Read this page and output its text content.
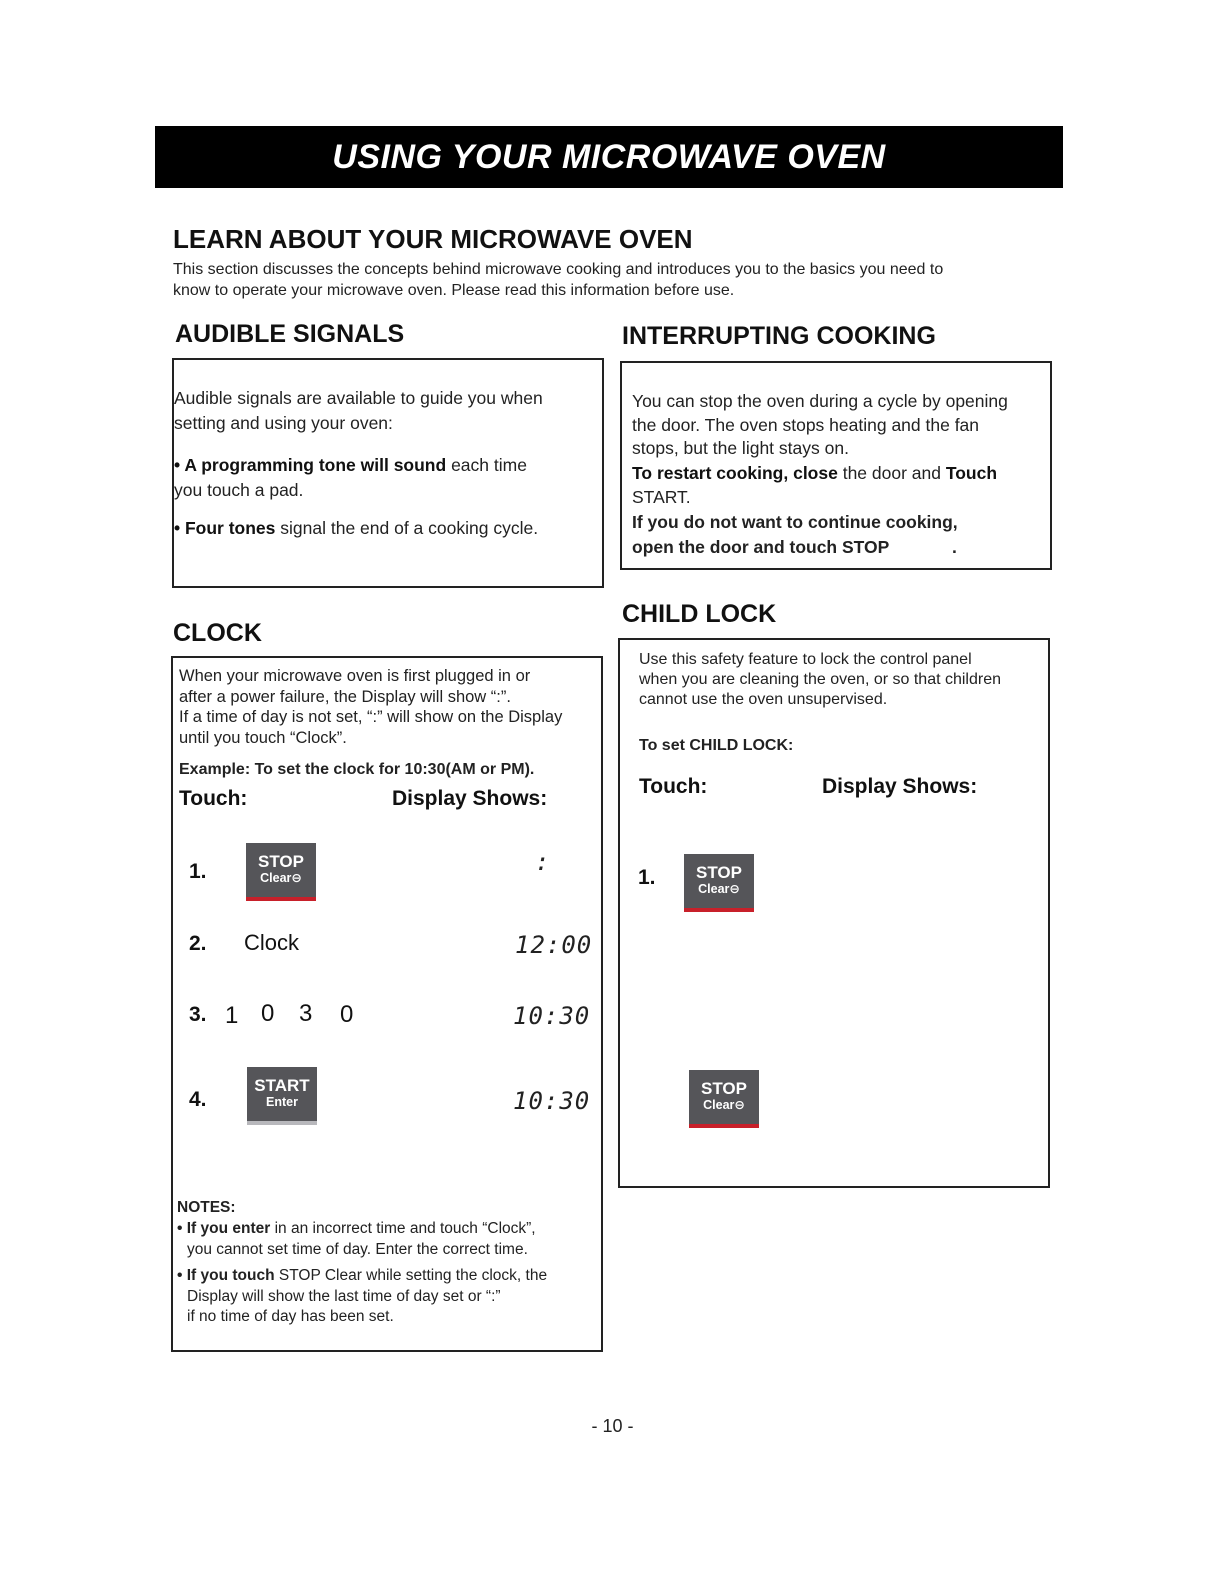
USING YOUR MICROWAVE OVEN
LEARN ABOUT YOUR MICROWAVE OVEN
This section discusses the concepts behind microwave cooking and introduces you to the basics you need to
know to operate your microwave oven. Please read this information before use.
AUDIBLE SIGNALS
Audible signals are available to guide you when
setting and using your oven:
• A programming tone will sound each time
you touch a pad.
• Four tones signal the end of a cooking cycle.
INTERRUPTING COOKING
You can stop the oven during a cycle by opening
the door. The oven stops heating and the fan
stops, but the light stays on.
To restart cooking, close the door and Touch
START.
If you do not want to continue cooking,
open the door and touch STOP	.
CLOCK
When your microwave oven is first plugged in or
after a power failure, the Display will show “:”.
If a time of day is not set, “:” will show on the Display
until you touch “Clock”.
Example: To set the clock for 10:30(AM or PM).
Touch:	Display Shows:
1.	STOP
Clear⊖
:
2. Clock	12:00
3. 1 0 3 0	10:30
4.
START
Enter	10:30
NOTES:
• If you enter in an incorrect time and touch “Clock”,
you cannot set time of day. Enter the correct time.
• If you touch STOP Clear while setting the clock, the
Display will show the last time of day set or “:”
if no time of day has been set.
CHILD LOCK
Use this safety feature to lock the control panel
when you are cleaning the oven, or so that children
cannot use the oven unsupervised.
To set CHILD LOCK:
Touch:	Display Shows:
1.	STOP
Clear⊖
STOP
Clear⊖
- 10 -
